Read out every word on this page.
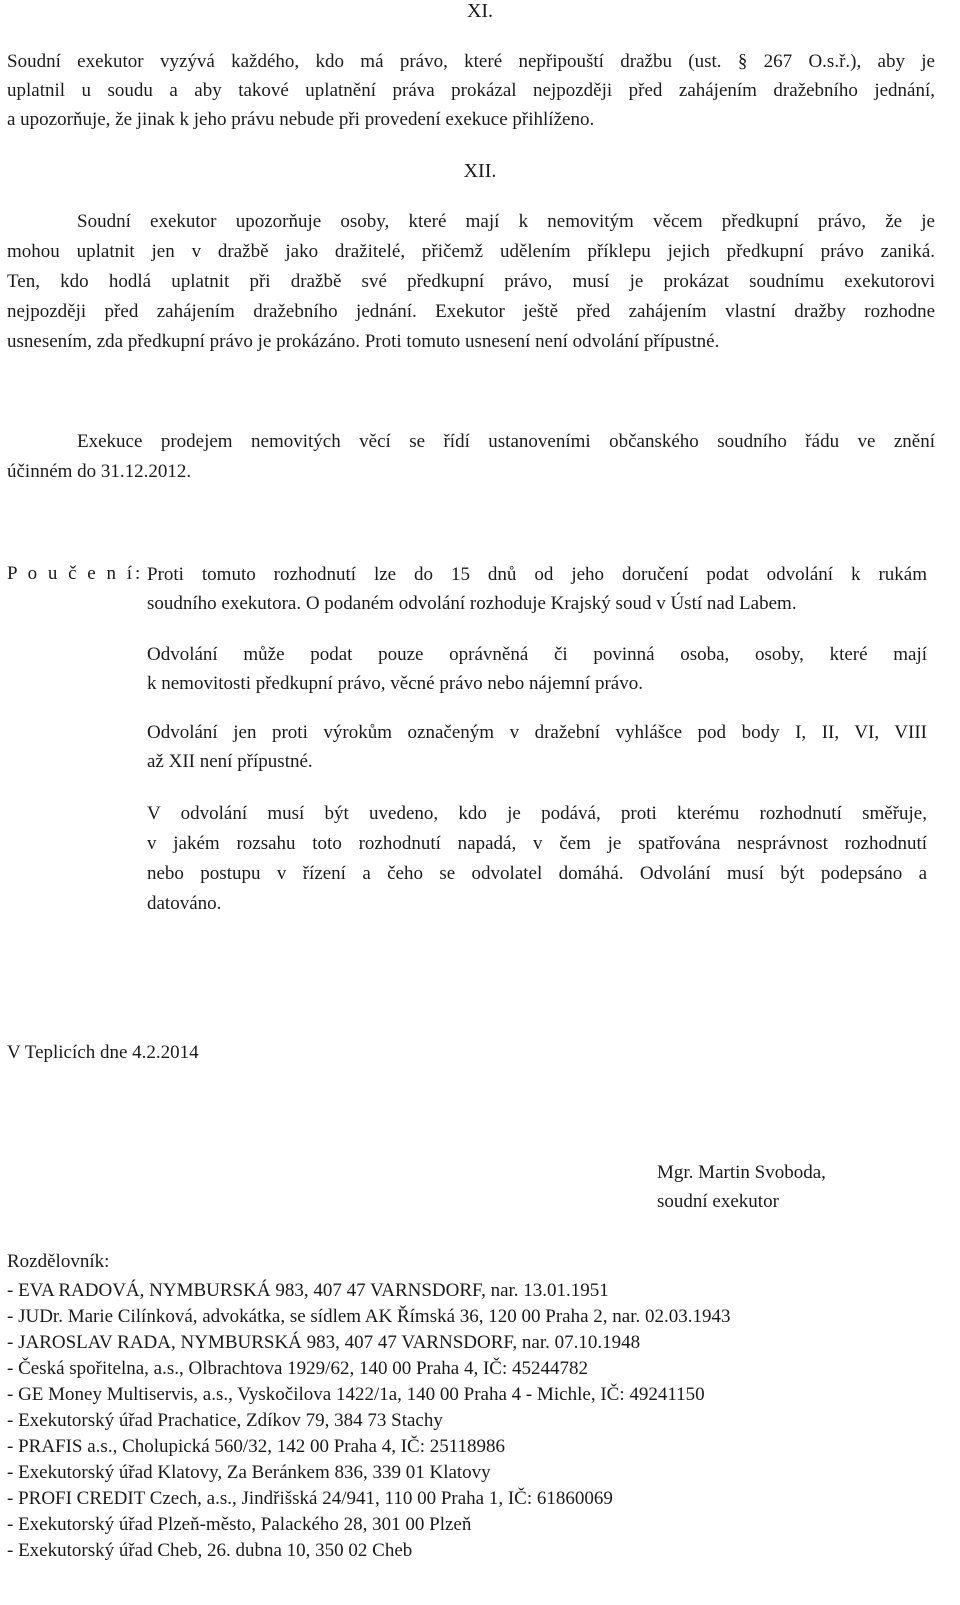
XI.
Soudní exekutor vyzývá každého, kdo má právo, které nepřipouští dražbu (ust. § 267 O.s.ř.), aby je
uplatnil u soudu a aby takové uplatnění práva prokázal nejpozději před zahájením dražebního jednání,
a upozorňuje, že jinak k jeho právu nebude při provedení exekuce přihlíženo.
XII.
Soudní exekutor upozorňuje osoby, které mají k nemovitým věcem předkupní právo, že je
mohou uplatnit jen v dražbě jako dražitelé, přičemž udělením příklepu jejich předkupní právo zaniká.
Ten, kdo hodlá uplatnit při dražbě své předkupní právo, musí je prokázat soudnímu exekutorovi
nejpozději před zahájením dražebního jednání. Exekutor ještě před zahájením vlastní dražby rozhodne
usnesením, zda předkupní právo je prokázáno. Proti tomuto usnesení není odvolání přípustné.
Exekuce prodejem nemovitých věcí se řídí ustanoveními občanského soudního řádu ve znění
účinném do 31.12.2012.
P o u č e n í: Proti tomuto rozhodnutí lze do 15 dnů od jeho doručení podat odvolání k rukám
soudního exekutora. O podaném odvolání rozhoduje Krajský soud v Ústí nad Labem.
Odvolání může podat pouze oprávněná či povinná osoba, osoby, které mají
k nemovitosti předkupní právo, věcné právo nebo nájemní právo.
Odvolání jen proti výrokům označeným v dražební vyhlášce pod body I, II, VI, VIII
až XII není přípustné.
V odvolání musí být uvedeno, kdo je podává, proti kterému rozhodnutí směřuje,
v jakém rozsahu toto rozhodnutí napadá, v čem je spatřována nesprávnost rozhodnutí
nebo postupu v řízení a čeho se odvolatel domáhá. Odvolání musí být podepsáno a
datováno.
V Teplicích dne 4.2.2014
Mgr. Martin Svoboda,
soudní exekutor
Rozdělovník:
- EVA RADOVÁ, NYMBURSKÁ 983, 407 47 VARNSDORF, nar. 13.01.1951
- JUDr. Marie Cilínková, advokátka, se sídlem AK Římská 36, 120 00 Praha 2, nar. 02.03.1943
- JAROSLAV RADA, NYMBURSKÁ 983, 407 47 VARNSDORF, nar. 07.10.1948
- Česká spořitelna, a.s., Olbrachtova 1929/62, 140 00 Praha 4, IČ: 45244782
- GE Money Multiservis, a.s., Vyskočilova 1422/1a, 140 00 Praha 4 - Michle, IČ: 49241150
- Exekutorský úřad Prachatice, Zdíkov 79, 384 73 Stachy
- PRAFIS a.s., Cholupická 560/32, 142 00 Praha 4, IČ: 25118986
- Exekutorský úřad Klatovy, Za Beránkem 836, 339 01 Klatovy
- PROFI CREDIT Czech, a.s., Jindřišská 24/941, 110 00 Praha 1, IČ: 61860069
- Exekutorský úřad Plzeň-město, Palackého 28, 301 00 Plzeň
- Exekutorský úřad Cheb, 26. dubna 10, 350 02 Cheb
